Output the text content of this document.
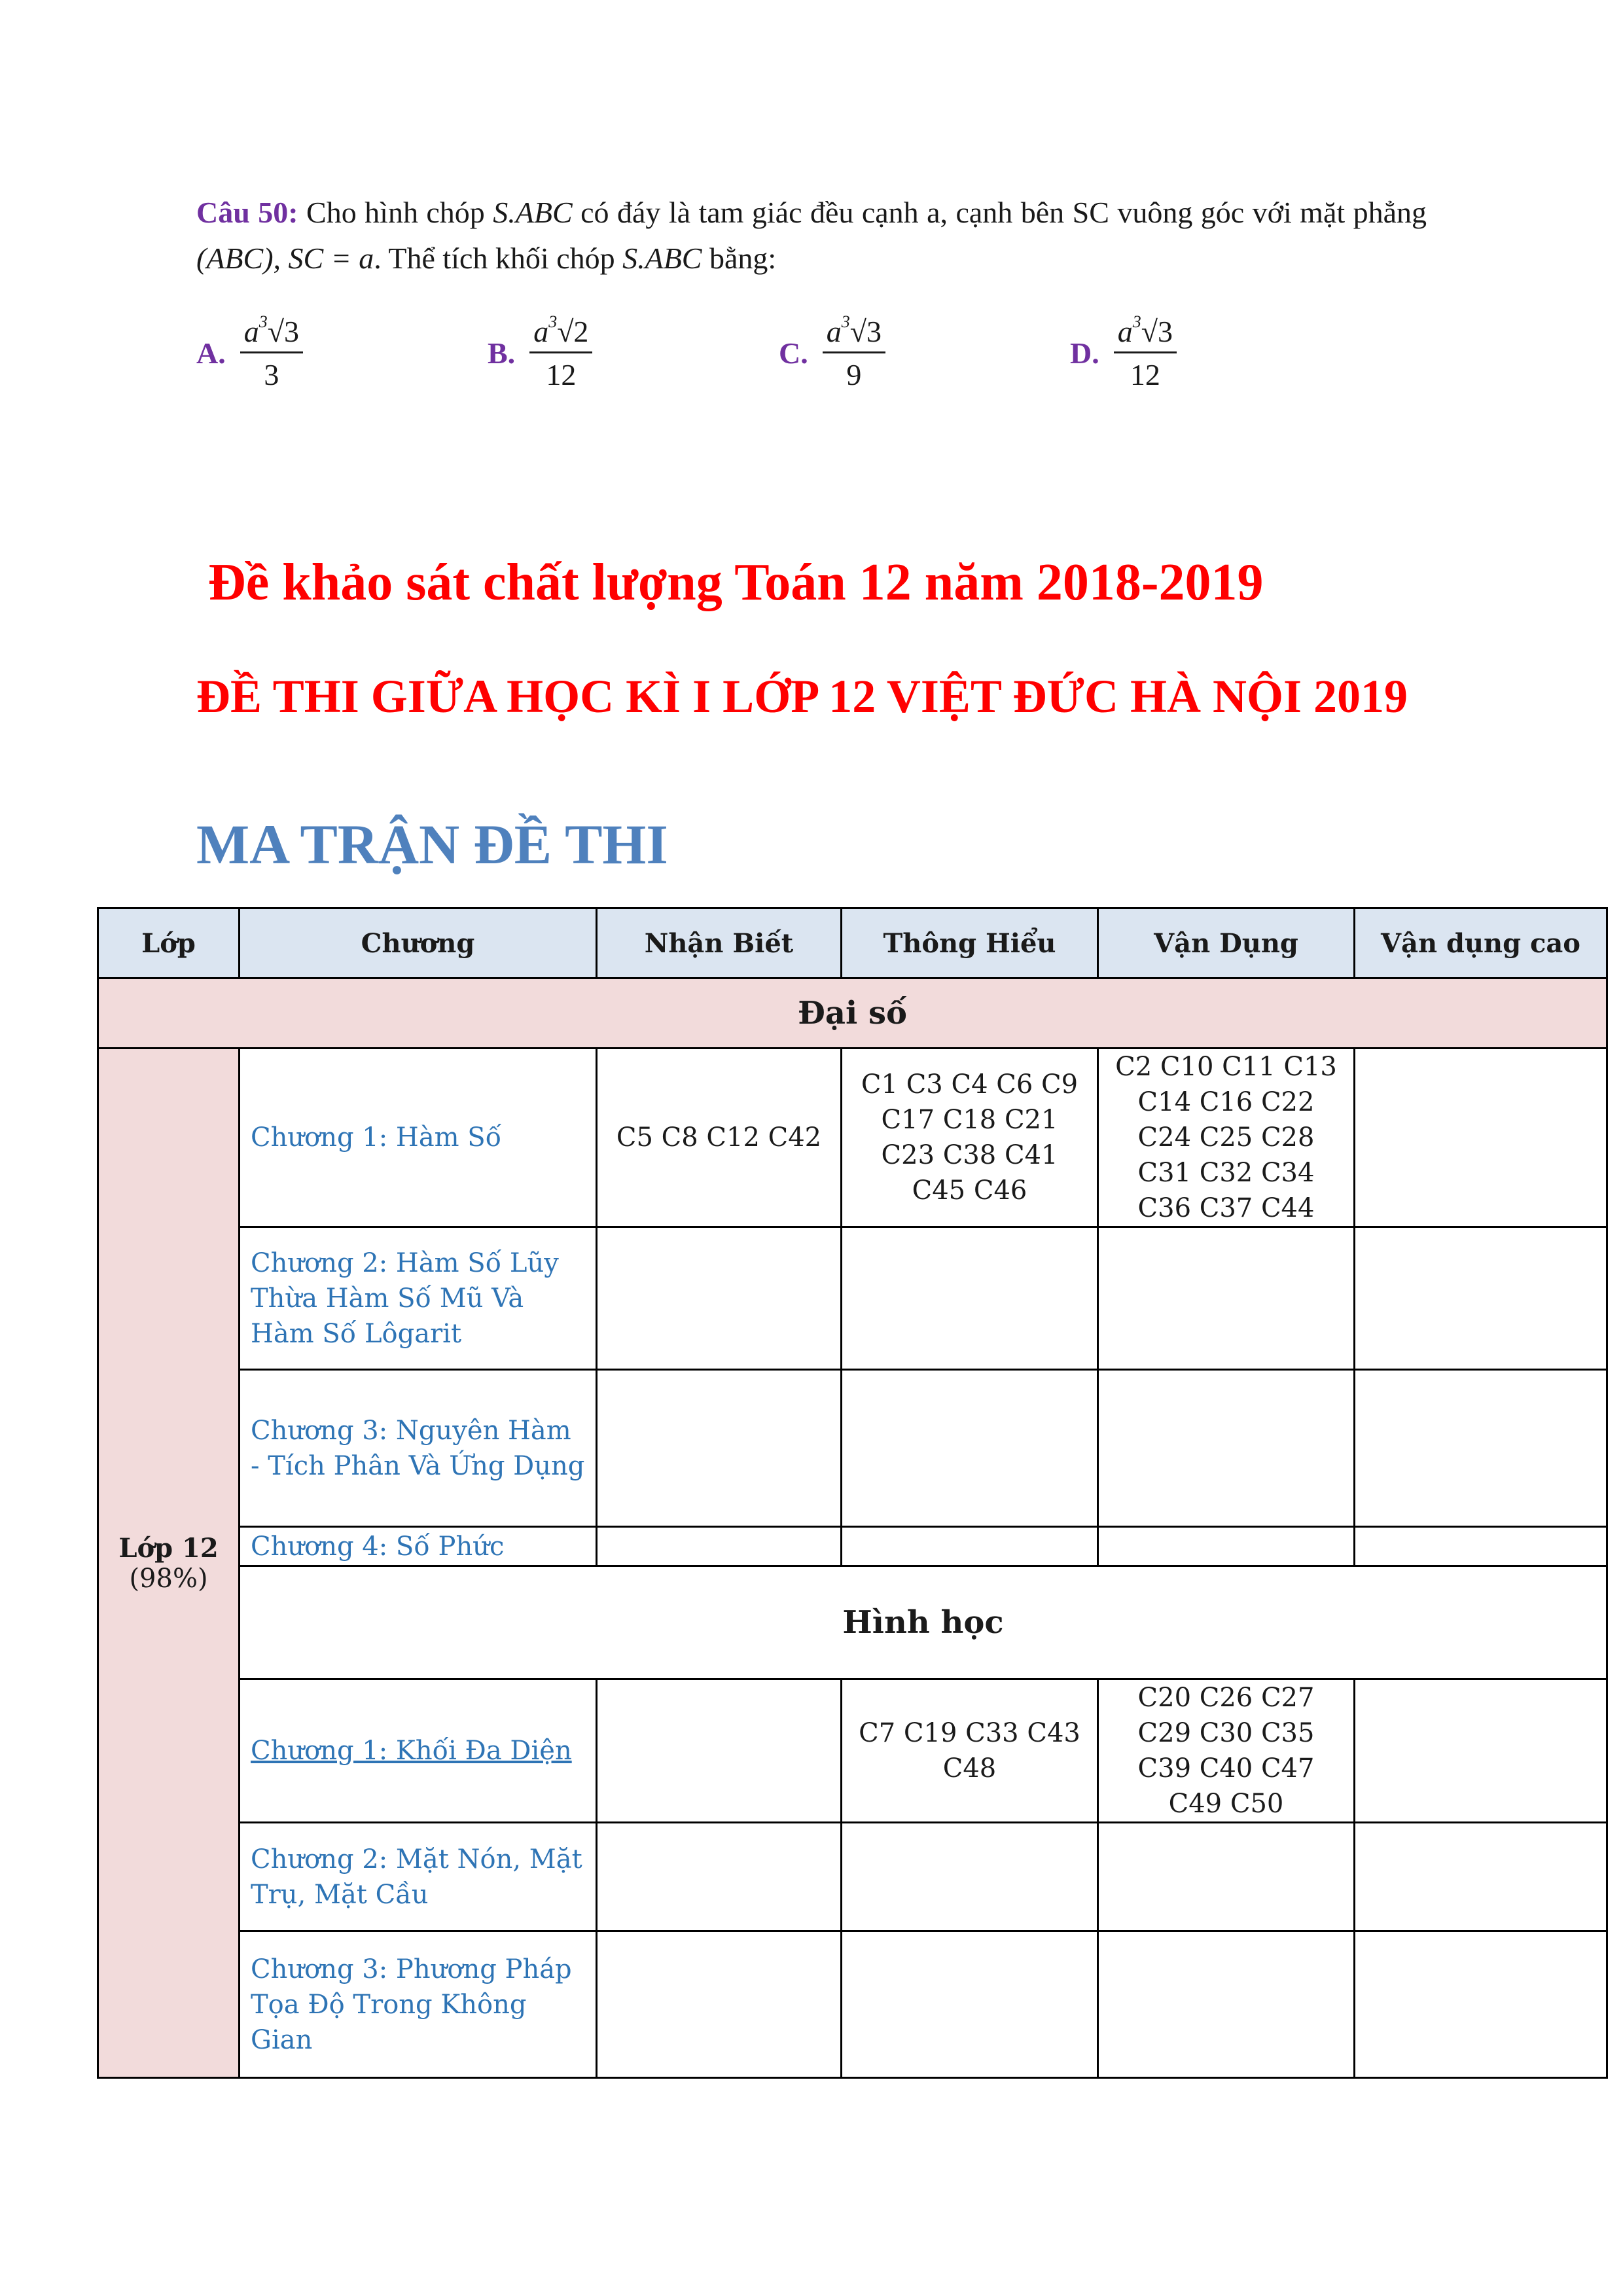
Câu 50: Cho hình chóp S.ABC có đáy là tam giác đều cạnh a, cạnh bên SC vuông góc với mặt phẳng (ABC), SC = a. Thể tích khối chóp S.ABC bằng:
A. $\frac{a^3√3}{3}$	B. $\frac{a^3√2}{12}$	C. $\frac{a^3√3}{9}$	D. $\frac{a^3√3}{12}$
Đề khảo sát chất lượng Toán 12 năm 2018-2019
ĐỀ THI GIỮA HỌC KÌ I LỚP 12 VIỆT ĐỨC HÀ NỘI 2019
MA TRẬN ĐỀ THI
Lớp	Chương	Nhận Biết	Thông Hiểu	Vận Dụng	Vận dụng cao
Đại số					

Lớp 12
(98%)	Chương 1: Hàm Số	C5 C8 C12 C42	C1 C3 C4 C6 C9 C17 C18 C21 C23 C38 C41 C45 C46	C2 C10 C11 C13 C14 C16 C22 C24 C25 C28 C31 C32 C34 C36 C37 C44	
	Chương 2: Hàm Số Lũy Thừa Hàm Số Mũ Và Hàm Số Lôgarit				
	Chương 3: Nguyên Hàm - Tích Phân Và Ứng Dụng				
	Chương 4: Số Phức				
	Hình học				
	Chương 1: Khối Đa Diện		C7 C19 C33 C43 C48	C20 C26 C27 C29 C30 C35 C39 C40 C47 C49 C50	
	Chương 2: Mặt Nón, Mặt Trụ, Mặt Cầu				
	Chương 3: Phương Pháp Tọa Độ Trong Không Gian				
